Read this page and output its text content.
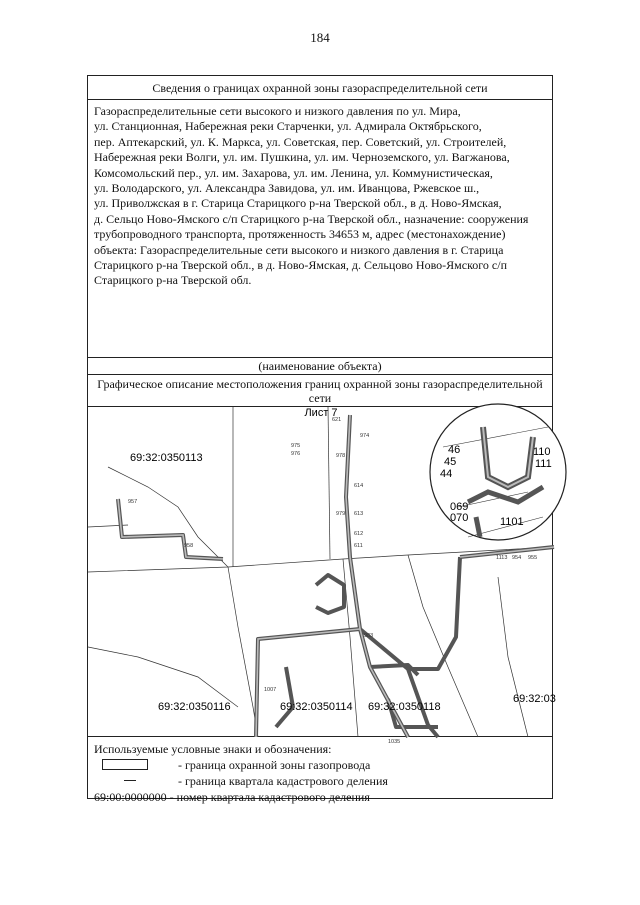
184
Сведения о границах охранной зоны газораспределительной сети
Газораспределительные сети высокого и низкого давления по ул. Мира,
ул. Станционная, Набережная реки Старченки, ул. Адмирала Октябрьского,
пер. Аптекарский, ул. К. Маркса, ул. Советская, пер. Советский, ул. Строителей,
Набережная реки Волги, ул. им. Пушкина, ул. им. Черноземского, ул. Вагжанова,
Комсомольский пер., ул. им. Захарова, ул. им. Ленина, ул. Коммунистическая,
ул. Володарского, ул. Александра Завидова, ул. им. Иванцова, Ржевское ш.,
ул. Приволжская в г. Старица Старицкого р-на Тверской обл., в д. Ново-Ямская,
д. Сельцо Ново-Ямского с/п Старицкого р-на Тверской обл., назначение: сооружения
трубопроводного транспорта, протяженность 34653 м, адрес (местонахождение)
объекта: Газораспределительные сети высокого и низкого давления в г. Старица
Старицкого р-на Тверской обл., в д. Ново-Ямская, д. Сельцово Ново-Ямского с/п
Старицкого р-на Тверской обл.
(наименование объекта)
Графическое описание местоположения границ охранной зоны газораспределительной сети
46
45
44
110
111
1101
069
070
Лист 7
69:32:0350113
69:32:0350116	69:32:0350114 69:32:0350118
69:32:03
621
974
975
976	978
614
613
612
611
979
983
1007
1035
957
958
1113 954 955
Используемые условные знаки и обозначения:
- граница охранной зоны газопровода
- граница квартала кадастрового деления
69:00:0000000 - номер квартала кадастрового деления
